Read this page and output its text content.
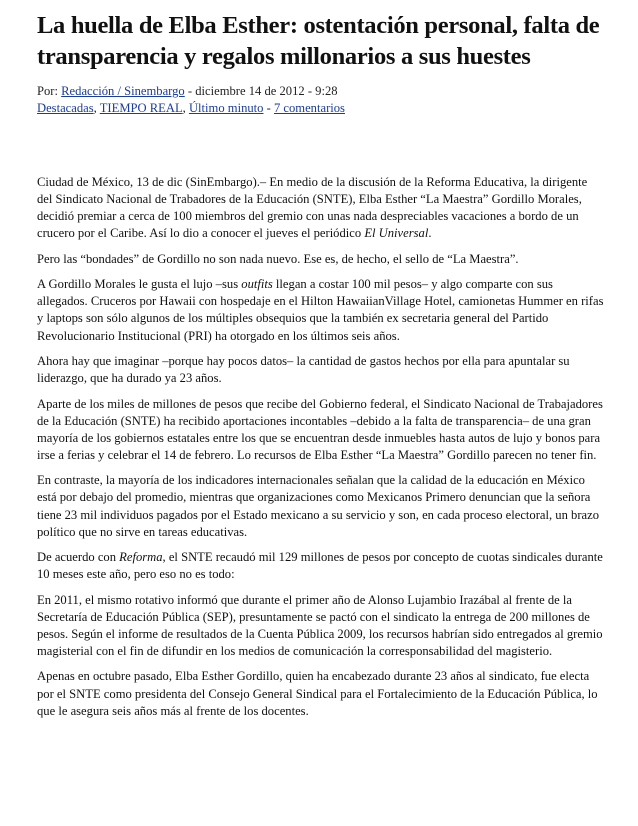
La huella de Elba Esther: ostentación personal, falta de transparencia y regalos millonarios a sus huestes
Por: Redacción / Sinembargo - diciembre 14 de 2012 - 9:28
Destacadas, TIEMPO REAL, Último minuto - 7 comentarios

Ciudad de México, 13 de dic (SinEmbargo).– En medio de la discusión de la Reforma Educativa, la dirigente del Sindicato Nacional de Trabadores de la Educación (SNTE), Elba Esther “La Maestra” Gordillo Morales, decidió premiar a cerca de 100 miembros del gremio con unas nada despreciables vacaciones a bordo de un crucero por el Caribe. Así lo dio a conocer el jueves el periódico El Universal.

Pero las “bondades” de Gordillo no son nada nuevo. Ese es, de hecho, el sello de “La Maestra”.

A Gordillo Morales le gusta el lujo –sus outfits llegan a costar 100 mil pesos– y algo comparte con sus allegados. Cruceros por Hawaii con hospedaje en el Hilton HawaiianVillage Hotel, camionetas Hummer en rifas y laptops son sólo algunos de los múltiples obsequios que la también ex secretaria general del Partido Revolucionario Institucional (PRI) ha otorgado en los últimos seis años.

Ahora hay que imaginar –porque hay pocos datos– la cantidad de gastos hechos por ella para apuntalar su liderazgo, que ha durado ya 23 años.

Aparte de los miles de millones de pesos que recibe del Gobierno federal, el Sindicato Nacional de Trabajadores de la Educación (SNTE) ha recibido aportaciones incontables –debido a la falta de transparencia– de una gran mayoría de los gobiernos estatales entre los que se encuentran desde inmuebles hasta autos de lujo y bonos para irse a ferias y celebrar el 14 de febrero. Lo recursos de Elba Esther “La Maestra” Gordillo parecen no tener fin.

En contraste, la mayoría de los indicadores internacionales señalan que la calidad de la educación en México está por debajo del promedio, mientras que organizaciones como Mexicanos Primero denuncian que la señora tiene 23 mil individuos pagados por el Estado mexicano a su servicio y son, en cada proceso electoral, un brazo político que no sirve en tareas educativas.

De acuerdo con Reforma, el SNTE recaudó mil 129 millones de pesos por concepto de cuotas sindicales durante 10 meses este año, pero eso no es todo:

En 2011, el mismo rotativo informó que durante el primer año de Alonso Lujambio Irazábal al frente de la Secretaría de Educación Pública (SEP), presuntamente se pactó con el sindicato la entrega de 200 millones de pesos. Según el informe de resultados de la Cuenta Pública 2009, los recursos habrían sido entregados al gremio magisterial con el fin de difundir en los medios de comunicación la corresponsabilidad del magisterio.

Apenas en octubre pasado, Elba Esther Gordillo, quien ha encabezado durante 23 años al sindicato, fue electa por el SNTE como presidenta del Consejo General Sindical para el Fortalecimiento de la Educación Pública, lo que le asegura seis años más al frente de los docentes.
